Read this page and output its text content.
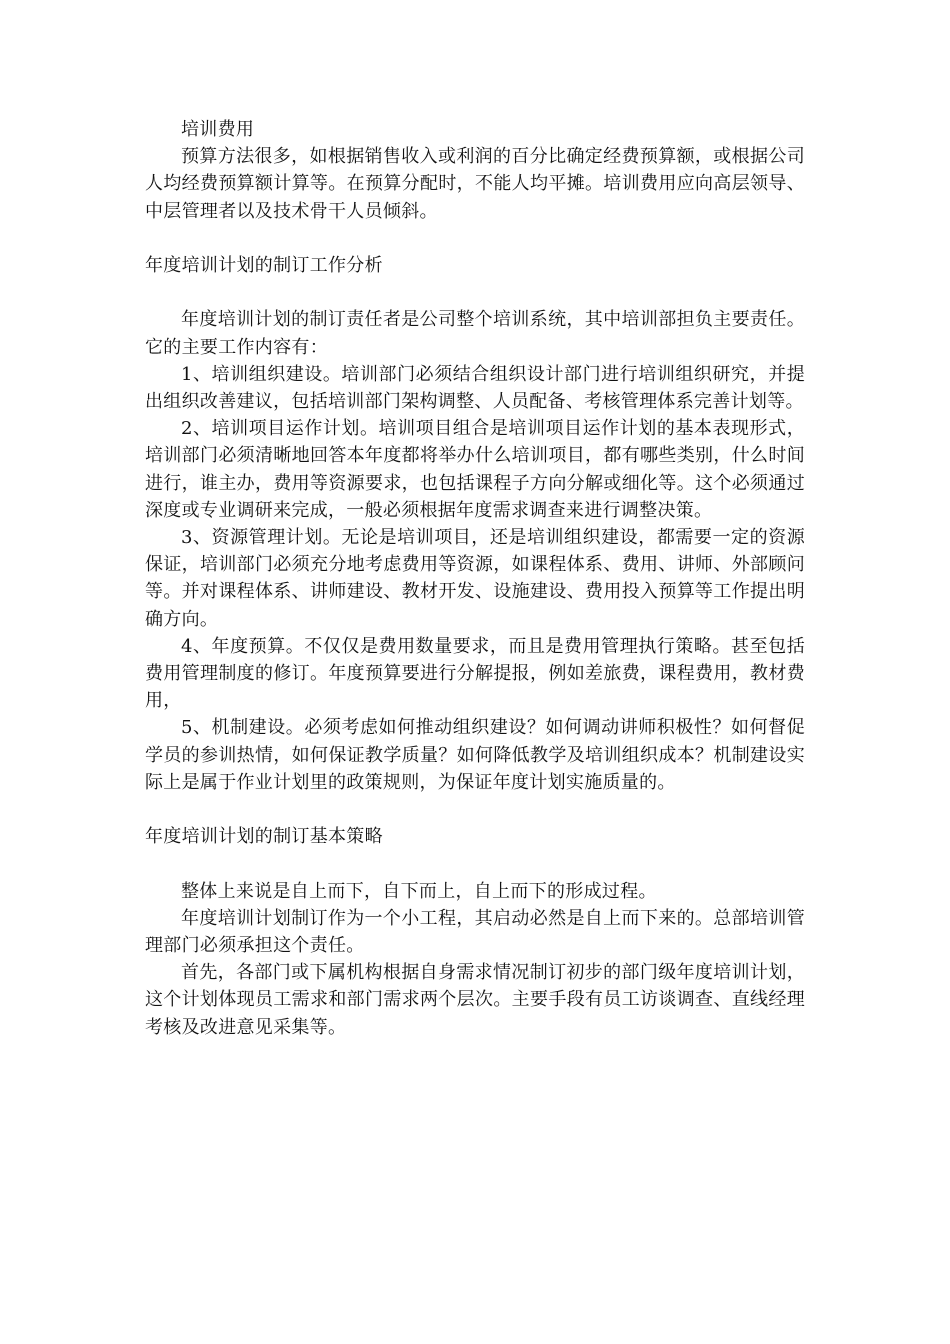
培训费用

预算方法很多，如根据销售收入或利润的百分比确定经费预算额，或根据公司人均经费预算额计算等。在预算分配时，不能人均平摊。培训费用应向高层领导、中层管理者以及技术骨干人员倾斜。

年度培训计划的制订工作分析

年度培训计划的制订责任者是公司整个培训系统，其中培训部担负主要责任。它的主要工作内容有：

1、培训组织建设。培训部门必须结合组织设计部门进行培训组织研究，并提出组织改善建议，包括培训部门架构调整、人员配备、考核管理体系完善计划等。

2、培训项目运作计划。培训项目组合是培训项目运作计划的基本表现形式，培训部门必须清晰地回答本年度都将举办什么培训项目，都有哪些类别，什么时间进行，谁主办，费用等资源要求，也包括课程子方向分解或细化等。这个必须通过深度或专业调研来完成，一般必须根据年度需求调查来进行调整决策。

3、资源管理计划。无论是培训项目，还是培训组织建设，都需要一定的资源保证，培训部门必须充分地考虑费用等资源，如课程体系、费用、讲师、外部顾问等。并对课程体系、讲师建设、教材开发、设施建设、费用投入预算等工作提出明确方向。

4、年度预算。不仅仅是费用数量要求，而且是费用管理执行策略。甚至包括费用管理制度的修订。年度预算要进行分解提报，例如差旅费，课程费用，教材费用，

5、机制建设。必须考虑如何推动组织建设？如何调动讲师积极性？如何督促学员的参训热情，如何保证教学质量？如何降低教学及培训组织成本？机制建设实际上是属于作业计划里的政策规则，为保证年度计划实施质量的。

年度培训计划的制订基本策略

整体上来说是自上而下，自下而上，自上而下的形成过程。

年度培训计划制订作为一个小工程，其启动必然是自上而下来的。总部培训管理部门必须承担这个责任。

首先，各部门或下属机构根据自身需求情况制订初步的部门级年度培训计划，这个计划体现员工需求和部门需求两个层次。主要手段有员工访谈调查、直线经理考核及改进意见采集等。
